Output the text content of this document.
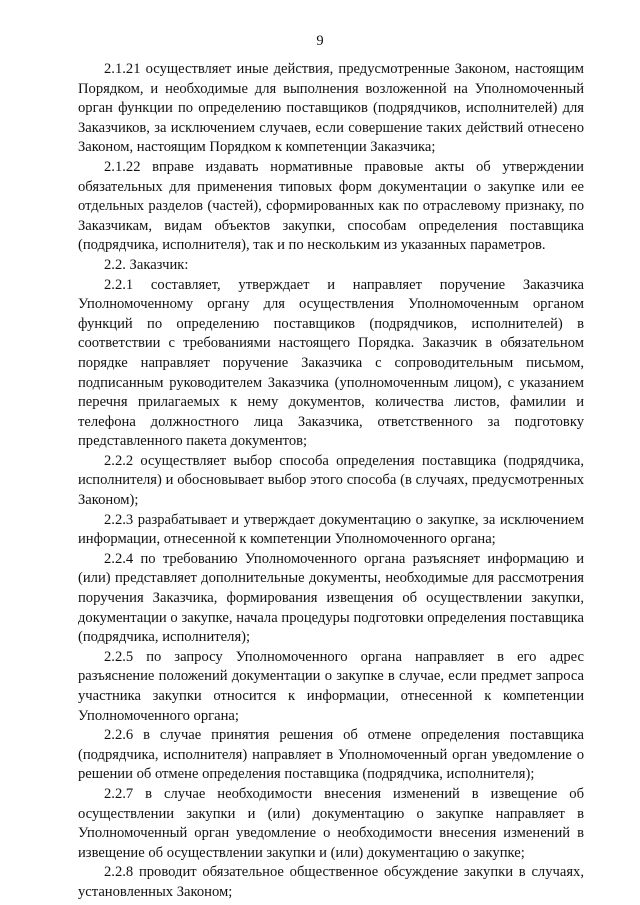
9

2.1.21 осуществляет иные действия, предусмотренные Законом, настоящим Порядком, и необходимые для выполнения возложенной на Уполномоченный орган функции по определению поставщиков (подрядчиков, исполнителей) для Заказчиков, за исключением случаев, если совершение таких действий отнесено Законом, настоящим Порядком к компетенции Заказчика;

2.1.22 вправе издавать нормативные правовые акты об утверждении обязательных для применения типовых форм документации о закупке или ее отдельных разделов (частей), сформированных как по отраслевому признаку, по Заказчикам, видам объектов закупки, способам определения поставщика (подрядчика, исполнителя), так и по нескольким из указанных параметров.

2.2. Заказчик:

2.2.1 составляет, утверждает и направляет поручение Заказчика Уполномоченному органу для осуществления Уполномоченным органом функций по определению поставщиков (подрядчиков, исполнителей) в соответствии с требованиями настоящего Порядка. Заказчик в обязательном порядке направляет поручение Заказчика с сопроводительным письмом, подписанным руководителем Заказчика (уполномоченным лицом), с указанием перечня прилагаемых к нему документов, количества листов, фамилии и телефона должностного лица Заказчика, ответственного за подготовку представленного пакета документов;

2.2.2 осуществляет выбор способа определения поставщика (подрядчика, исполнителя) и обосновывает выбор этого способа (в случаях, предусмотренных Законом);

2.2.3 разрабатывает и утверждает документацию о закупке, за исключением информации, отнесенной к компетенции Уполномоченного органа;

2.2.4 по требованию Уполномоченного органа разъясняет информацию и (или) представляет дополнительные документы, необходимые для рассмотрения поручения Заказчика, формирования извещения об осуществлении закупки, документации о закупке, начала процедуры подготовки определения поставщика (подрядчика, исполнителя);

2.2.5 по запросу Уполномоченного органа направляет в его адрес разъяснение положений документации о закупке в случае, если предмет запроса участника закупки относится к информации, отнесенной к компетенции Уполномоченного органа;

2.2.6 в случае принятия решения об отмене определения поставщика (подрядчика, исполнителя) направляет в Уполномоченный орган уведомление о решении об отмене определения поставщика (подрядчика, исполнителя);

2.2.7 в случае необходимости внесения изменений в извещение об осуществлении закупки и (или) документацию о закупке направляет в Уполномоченный орган уведомление о необходимости внесения изменений в извещение об осуществлении закупки и (или) документацию о закупке;

2.2.8 проводит обязательное общественное обсуждение закупки в случаях, установленных Законом;
